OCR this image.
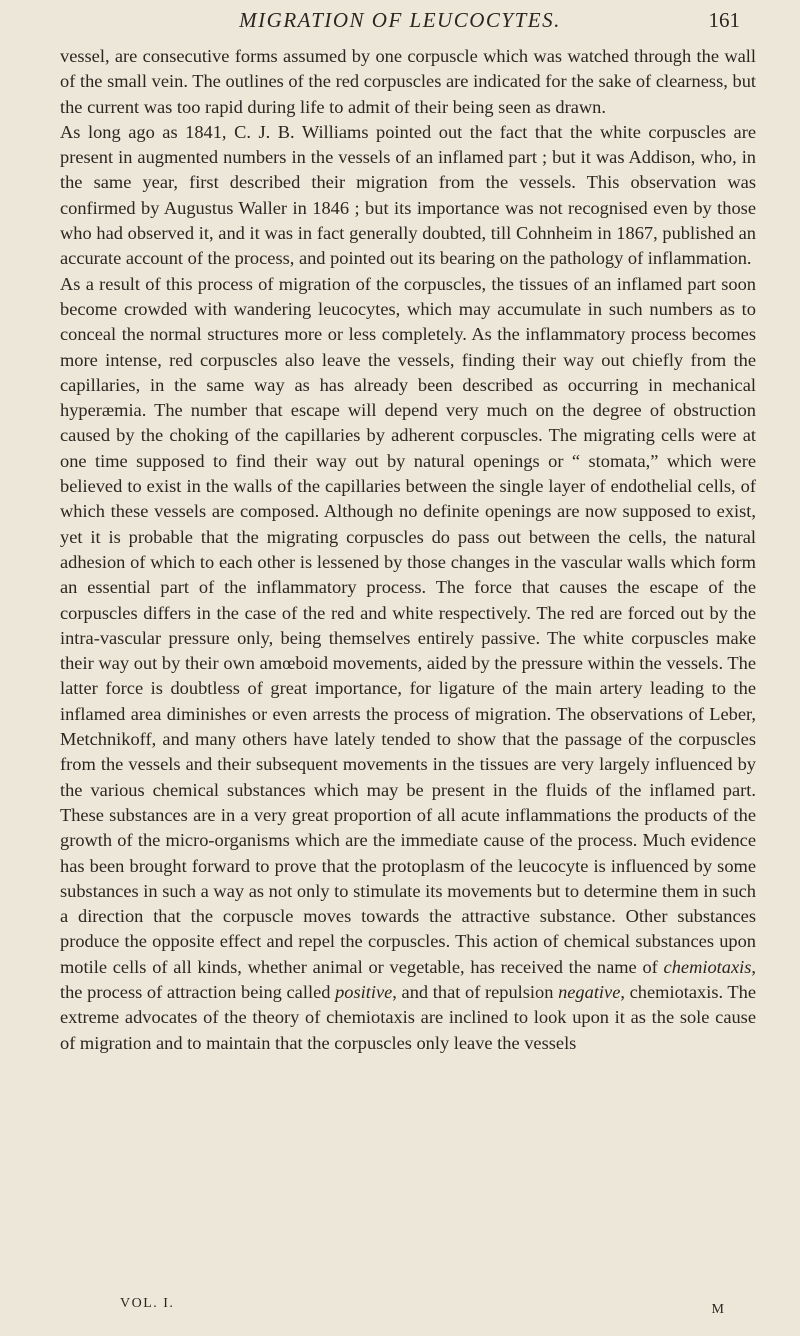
MIGRATION OF LEUCOCYTES.	161

vessel, are consecutive forms assumed by one corpuscle which was watched through the wall of the small vein. The outlines of the red corpuscles are indicated for the sake of clearness, but the current was too rapid during life to admit of their being seen as drawn.

As long ago as 1841, C. J. B. Williams pointed out the fact that the white corpuscles are present in augmented numbers in the vessels of an inflamed part ; but it was Addison, who, in the same year, first described their migration from the vessels. This observation was confirmed by Augustus Waller in 1846 ; but its importance was not recognised even by those who had observed it, and it was in fact generally doubted, till Cohnheim in 1867, published an accurate account of the process, and pointed out its bearing on the pathology of inflammation.

As a result of this process of migration of the corpuscles, the tissues of an inflamed part soon become crowded with wandering leucocytes, which may accumulate in such numbers as to conceal the normal structures more or less completely. As the inflammatory process becomes more intense, red corpuscles also leave the vessels, finding their way out chiefly from the capillaries, in the same way as has already been described as occurring in mechanical hyperæmia. The number that escape will depend very much on the degree of obstruction caused by the choking of the capillaries by adherent corpuscles. The migrating cells were at one time supposed to find their way out by natural openings or “ stomata,” which were believed to exist in the walls of the capillaries between the single layer of endothelial cells, of which these vessels are composed. Although no definite openings are now supposed to exist, yet it is probable that the migrating corpuscles do pass out between the cells, the natural adhesion of which to each other is lessened by those changes in the vascular walls which form an essential part of the inflammatory process. The force that causes the escape of the corpuscles differs in the case of the red and white respectively. The red are forced out by the intra-vascular pressure only, being themselves entirely passive. The white corpuscles make their way out by their own amœboid movements, aided by the pressure within the vessels. The latter force is doubtless of great importance, for ligature of the main artery leading to the inflamed area diminishes or even arrests the process of migration. The observations of Leber, Metchnikoff, and many others have lately tended to show that the passage of the corpuscles from the vessels and their subsequent movements in the tissues are very largely influenced by the various chemical substances which may be present in the fluids of the inflamed part. These substances are in a very great proportion of all acute inflammations the products of the growth of the micro-organisms which are the immediate cause of the process. Much evidence has been brought forward to prove that the protoplasm of the leucocyte is influenced by some substances in such a way as not only to stimulate its movements but to determine them in such a direction that the corpuscle moves towards the attractive substance. Other substances produce the opposite effect and repel the corpuscles. This action of chemical substances upon motile cells of all kinds, whether animal or vegetable, has received the name of chemiotaxis, the process of attraction being called positive, and that of repulsion negative, chemiotaxis. The extreme advocates of the theory of chemiotaxis are inclined to look upon it as the sole cause of migration and to maintain that the corpuscles only leave the vessels

VOL. I.	M
